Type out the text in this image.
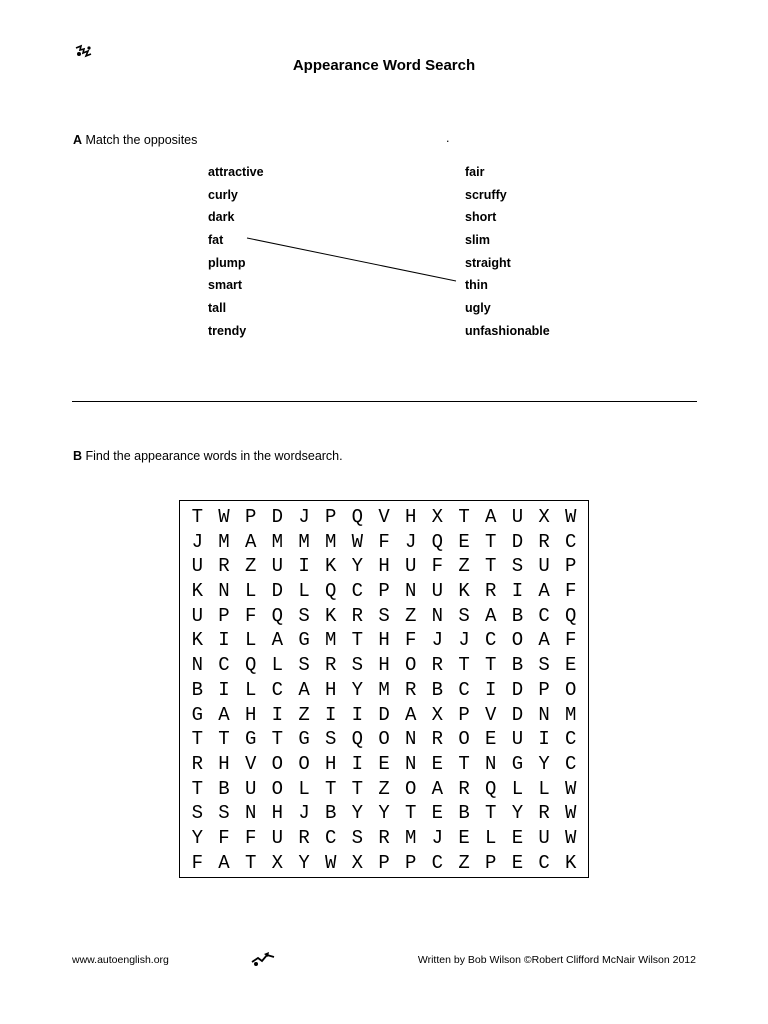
Appearance Word Search
A Match the opposites	.
attractive
curly
dark
fat
plump
smart
tall
trendy
fair
scruffy
short
slim
straight
thin
ugly
unfashionable
B Find the appearance words in the wordsearch.
T W P D J P Q V H X T A U X W
J M A M M M W F J Q E T D R C
U R Z U I K Y H U F Z T S U P
K N L D L Q C P N U K R I A F
U P F Q S K R S Z N S A B C Q
K I L A G M T H F J J C O A F
N C Q L S R S H O R T T B S E
B I L C A H Y M R B C I D P O
G A H I Z I I D A X P V D N M
T T G T G S Q O N R O E U I C
R H V O O H I E N E T N G Y C
T B U O L T T Z O A R Q L L W
S S N H J B Y Y T E B T Y R W
Y F F U R C S R M J E L E U W
F A T X Y W X P P C Z P E C K
www.autoenglish.org	Written by Bob Wilson ©Robert Clifford McNair Wilson 2012
